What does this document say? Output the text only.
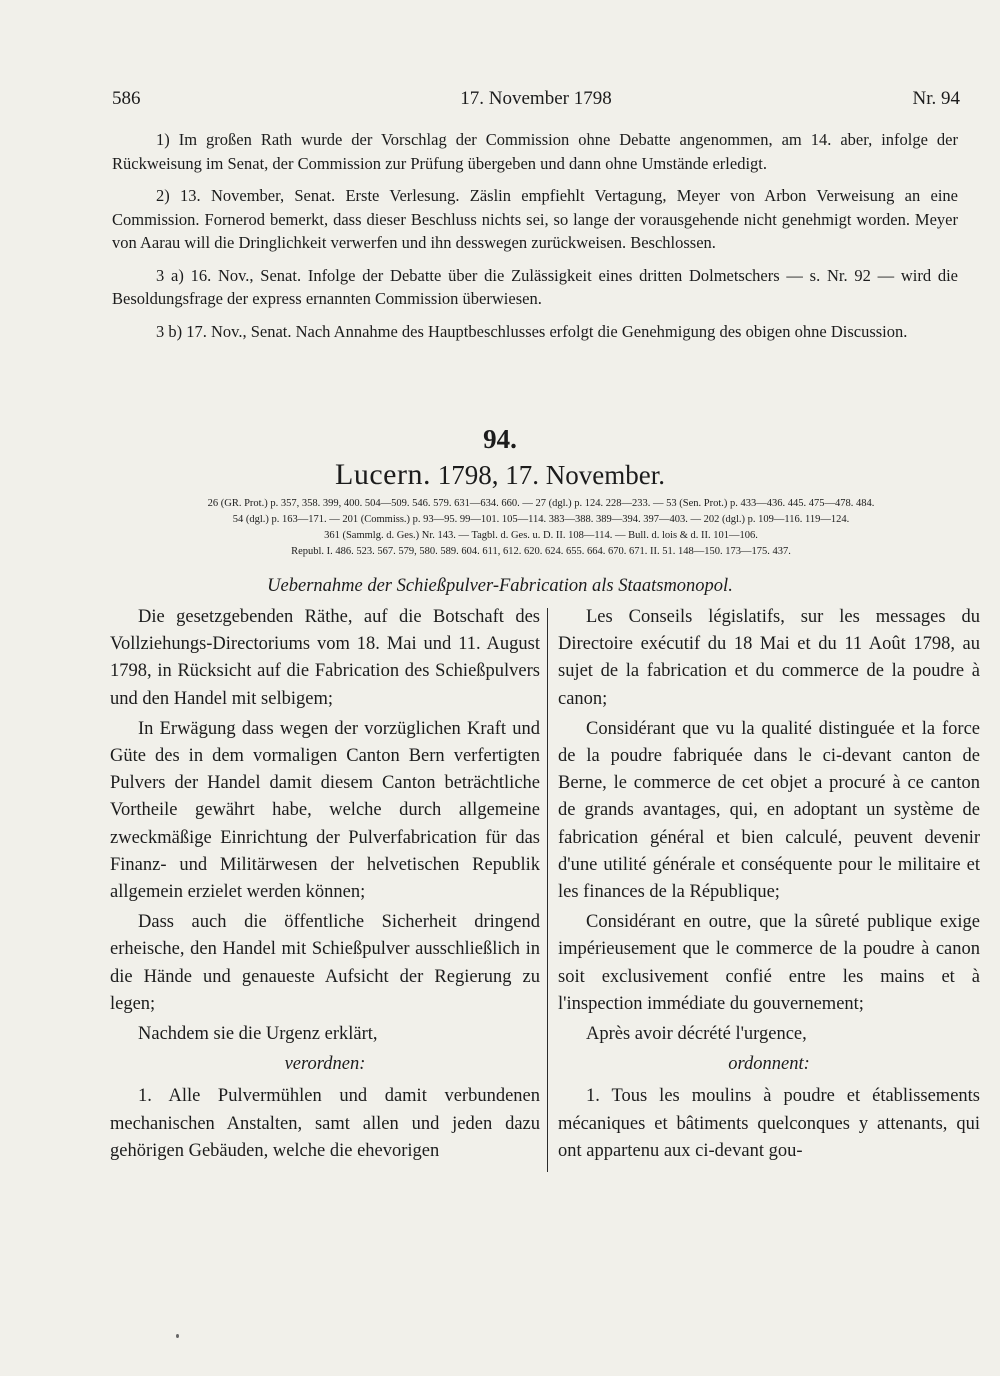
586	17. November 1798	Nr. 94

1) Im großen Rath wurde der Vorschlag der Commission ohne Debatte angenommen, am 14. aber, infolge der Rückweisung im Senat, der Commission zur Prüfung übergeben und dann ohne Umstände erledigt.

2) 13. November, Senat. Erste Verlesung. Zäslin empfiehlt Vertagung, Meyer von Arbon Verweisung an eine Commission. Fornerod bemerkt, dass dieser Beschluss nichts sei, so lange der vorausgehende nicht genehmigt worden. Meyer von Aarau will die Dringlichkeit verwerfen und ihn desswegen zurückweisen. Beschlossen.

3 a) 16. Nov., Senat. Infolge der Debatte über die Zulässigkeit eines dritten Dolmetschers — s. Nr. 92 — wird die Besoldungsfrage der express ernannten Commission überwiesen.

3 b) 17. Nov., Senat. Nach Annahme des Hauptbeschlusses erfolgt die Genehmigung des obigen ohne Discussion.

94.
Lucern. 1798, 17. November.
26 (GR. Prot.) p. 357, 358. 399, 400. 504—509. 546. 579. 631—634. 660. — 27 (dgl.) p. 124. 228—233. — 53 (Sen. Prot.) p. 433—436. 445. 475—478. 484.
54 (dgl.) p. 163—171. — 201 (Commiss.) p. 93—95. 99—101. 105—114. 383—388. 389—394. 397—403. — 202 (dgl.) p. 109—116. 119—124.
361 (Sammlg. d. Ges.) Nr. 143. — Tagbl. d. Ges. u. D. II. 108—114. — Bull. d. lois & d. II. 101—106.
Republ. I. 486. 523. 567. 579, 580. 589. 604. 611, 612. 620. 624. 655. 664. 670. 671. II. 51. 148—150. 173—175. 437.
Uebernahme der Schießpulver-Fabrication als Staatsmonopol.

Die gesetzgebenden Räthe, auf die Botschaft des Vollziehungs-Directoriums vom 18. Mai und 11. August 1798, in Rücksicht auf die Fabrication des Schießpulvers und den Handel mit selbigem;

In Erwägung dass wegen der vorzüglichen Kraft und Güte des in dem vormaligen Canton Bern verfertigten Pulvers der Handel damit diesem Canton beträchtliche Vortheile gewährt habe, welche durch allgemeine zweckmäßige Einrichtung der Pulverfabrication für das Finanz- und Militärwesen der helvetischen Republik allgemein erzielet werden können;

Dass auch die öffentliche Sicherheit dringend erheische, den Handel mit Schießpulver ausschließlich in die Hände und genaueste Aufsicht der Regierung zu legen;

Nachdem sie die Urgenz erklärt,

verordnen:

1. Alle Pulvermühlen und damit verbundenen mechanischen Anstalten, samt allen und jeden dazu gehörigen Gebäuden, welche die ehevorigen

Les Conseils législatifs, sur les messages du Directoire exécutif du 18 Mai et du 11 Août 1798, au sujet de la fabrication et du commerce de la poudre à canon;

Considérant que vu la qualité distinguée et la force de la poudre fabriquée dans le ci-devant canton de Berne, le commerce de cet objet a procuré à ce canton de grands avantages, qui, en adoptant un système de fabrication général et bien calculé, peuvent devenir d'une utilité générale et conséquente pour le militaire et les finances de la République;

Considérant en outre, que la sûreté publique exige impérieusement que le commerce de la poudre à canon soit exclusivement confié entre les mains et à l'inspection immédiate du gouvernement;

Après avoir décrété l'urgence,

ordonnent:

1. Tous les moulins à poudre et établissements mécaniques et bâtiments quelconques y attenants, qui ont appartenu aux ci-devant gou-
